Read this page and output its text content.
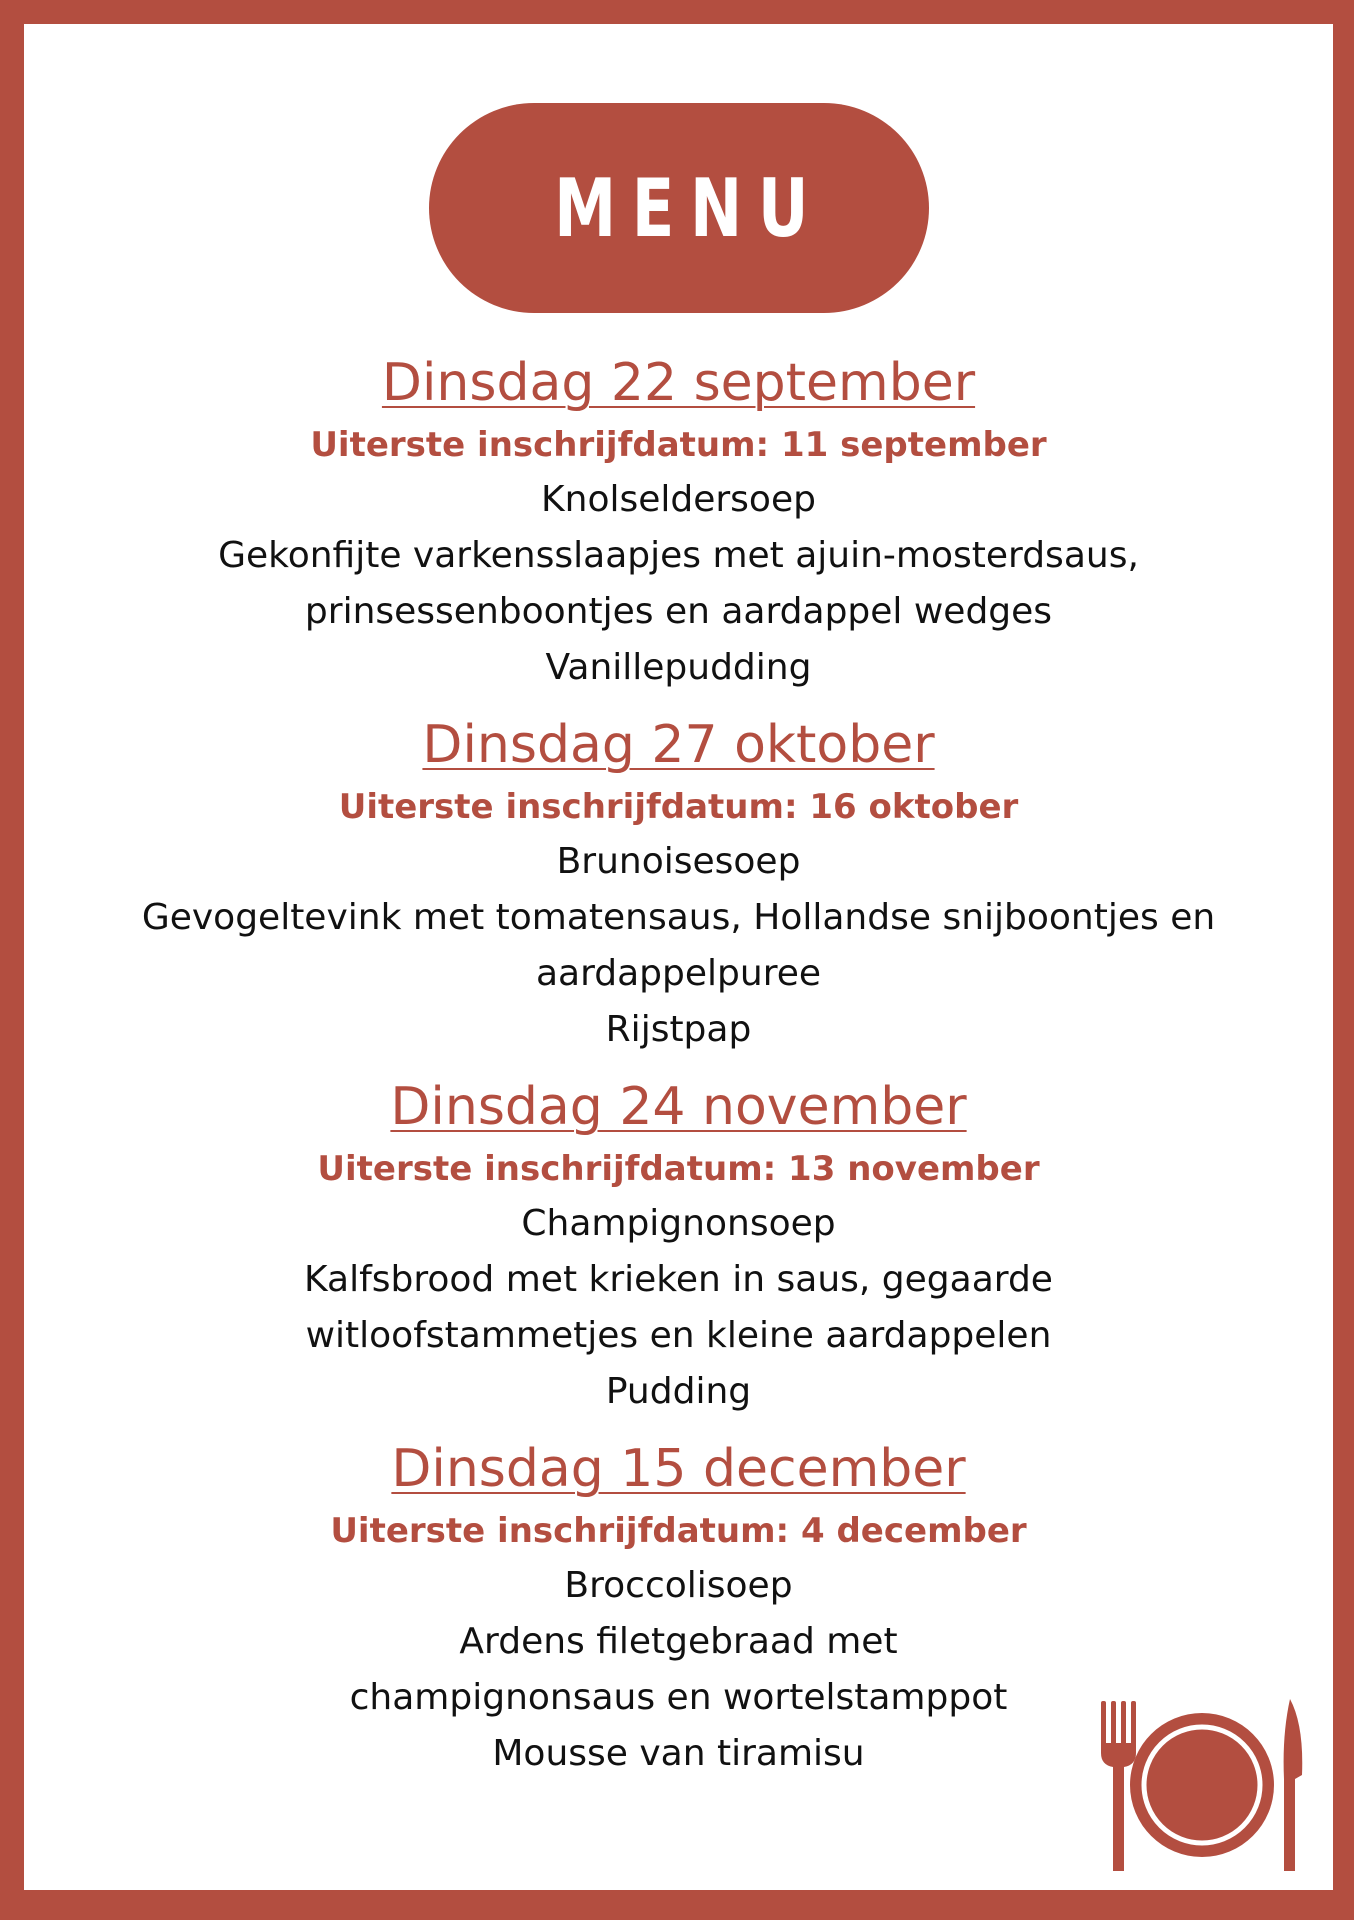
MENU
Dinsdag 22 september
Uiterste inschrijfdatum: 11 september
Knolseldersoep
Gekonfijte varkensslaapjes met ajuin-mosterdsaus,
prinsessenboontjes en aardappel wedges
Vanillepudding
Dinsdag 27 oktober
Uiterste inschrijfdatum: 16 oktober
Brunoisesoep
Gevogeltevink met tomatensaus, Hollandse snijboontjes en
aardappelpuree
Rijstpap
Dinsdag 24 november
Uiterste inschrijfdatum: 13 november
Champignonsoep
Kalfsbrood met krieken in saus, gegaarde
witloofstammetjes en kleine aardappelen
Pudding
Dinsdag 15 december
Uiterste inschrijfdatum: 4 december
Broccolisoep
Ardens filetgebraad met
champignonsaus en wortelstamppot
Mousse van tiramisu
